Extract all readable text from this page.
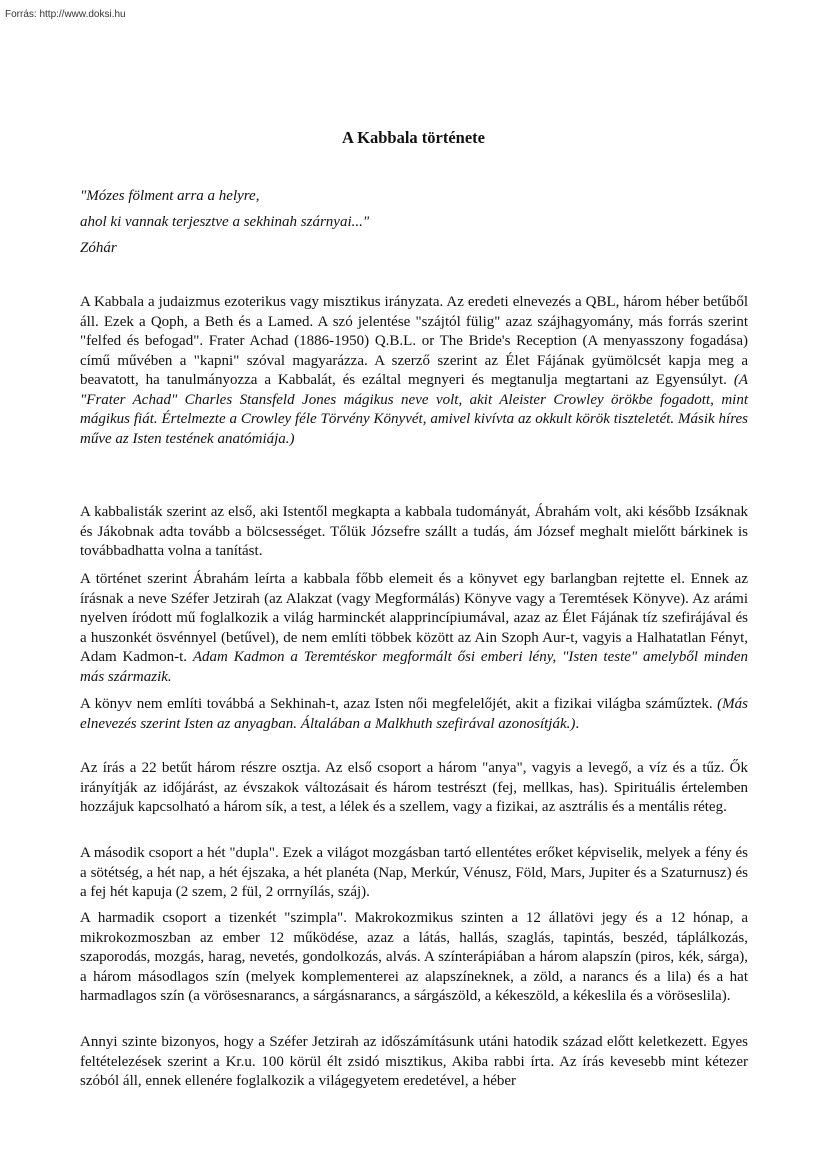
Forrás: http://www.doksi.hu
A Kabbala története
"Mózes fölment arra a helyre,
ahol ki vannak terjesztve a sekhinah szárnyai..."
Zóhár

A Kabbala a judaizmus ezoterikus vagy misztikus irányzata. Az eredeti elnevezés a QBL, három héber betűből áll. Ezek a Qoph, a Beth és a Lamed. A szó jelentése "szájtól fülig" azaz szájhagyomány, más forrás szerint "felfed és befogad". Frater Achad (1886-1950) Q.B.L. or The Bride's Reception (A menyasszony fogadása) című művében a "kapni" szóval magyarázza. A szerző szerint az Élet Fájának gyümölcsét kapja meg a beavatott, ha tanulmányozza a Kabbalát, és ezáltal megnyeri és megtanulja megtartani az Egyensúlyt. (A "Frater Achad" Charles Stansfeld Jones mágikus neve volt, akit Aleister Crowley örökbe fogadott, mint mágikus fiát. Értelmezte a Crowley féle Törvény Könyvét, amivel kivívta az okkult körök tiszteletét. Másik híres műve az Isten testének anatómiája.)

A kabbalisták szerint az első, aki Istentől megkapta a kabbala tudományát, Ábrahám volt, aki később Izsáknak és Jákobnak adta tovább a bölcsességet. Tőlük Józsefre szállt a tudás, ám József meghalt mielőtt bárkinek is továbbadhatta volna a tanítást.

A történet szerint Ábrahám leírta a kabbala főbb elemeit és a könyvet egy barlangban rejtette el. Ennek az írásnak a neve Széfer Jetzirah (az Alakzat (vagy Megformálás) Könyve vagy a Teremtések Könyve). Az arámi nyelven íródott mű foglalkozik a világ harminckét alapprincípiumával, azaz az Élet Fájának tíz szefirájával és a huszonkét ösvénnyel (betűvel), de nem említi többek között az Ain Szoph Aur-t, vagyis a Halhatatlan Fényt, Adam Kadmon-t. Adam Kadmon a Teremtéskor megformált ősi emberi lény, "Isten teste" amelyből minden más származik.

A könyv nem említi továbbá a Sekhinah-t, azaz Isten női megfelelőjét, akit a fizikai világba száműztek. (Más elnevezés szerint Isten az anyagban. Általában a Malkhuth szefirával azonosítják.).

Az írás a 22 betűt három részre osztja. Az első csoport a három "anya", vagyis a levegő, a víz és a tűz. Ők irányítják az időjárást, az évszakok változásait és három testrészt (fej, mellkas, has). Spirituális értelemben hozzájuk kapcsolható a három sík, a test, a lélek és a szellem, vagy a fizikai, az asztrális és a mentális réteg.

A második csoport a hét "dupla". Ezek a világot mozgásban tartó ellentétes erőket képviselik, melyek a fény és a sötétség, a hét nap, a hét éjszaka, a hét planéta (Nap, Merkúr, Vénusz, Föld, Mars, Jupiter és a Szaturnusz) és a fej hét kapuja (2 szem, 2 fül, 2 orrnyílás, száj).

A harmadik csoport a tizenkét "szimpla". Makrokozmikus szinten a 12 állatövi jegy és a 12 hónap, a mikrokozmoszban az ember 12 működése, azaz a látás, hallás, szaglás, tapintás, beszéd, táplálkozás, szaporodás, mozgás, harag, nevetés, gondolkozás, alvás. A színterápiában a három alapszín (piros, kék, sárga), a három másodlagos szín (melyek komplementerei az alapszíneknek, a zöld, a narancs és a lila) és a hat harmadlagos szín (a vörösesnarancs, a sárgásnarancs, a sárgászöld, a kékeszöld, a kékeslila és a vöröseslila).

Annyi szinte bizonyos, hogy a Széfer Jetzirah az időszámításunk utáni hatodik század előtt keletkezett. Egyes feltételezések szerint a Kr.u. 100 körül élt zsidó misztikus, Akiba rabbi írta. Az írás kevesebb mint kétezer szóból áll, ennek ellenére foglalkozik a világegyetem eredetével, a héber
